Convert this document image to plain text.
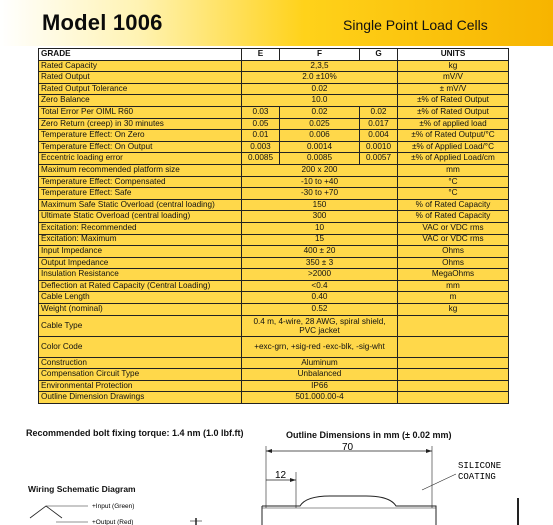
Model 1006	Single Point Load Cells
GRADE	E	F	G	UNITS
Rated Capacity	2,3,5			kg
Rated Output	2.0 ±10%			mV/V
Rated Output Tolerance	0.02			± mV/V
Zero Balance	10.0			±% of Rated Output
Total Error Per OIML R60	0.03	0.02	0.02	±% of Rated Output
Zero Return (creep) in 30 minutes	0.05	0.025	0.017	±% of applied load
Temperature Effect: On Zero	0.01	0.006	0.004	±% of Rated Output/°C
Temperature Effect: On Output	0.003	0.0014	0.0010	±% of Applied Load/°C
Eccentric loading error	0.0085	0.0085	0.0057	±% of Applied Load/cm
Maximum recommended platform size	200 x 200			mm
Temperature Effect: Compensated	-10 to +40			°C
Temperature Effect: Safe	-30 to +70			°C
Maximum Safe Static Overload (central loading)	150			% of Rated Capacity
Ultimate Static Overload (central loading)	300			% of Rated Capacity
Excitation: Recommended	10			VAC or VDC rms
Excitation: Maximum	15			VAC or VDC rms
Input Impedance	400 ± 20			Ohms
Output Impedance	350 ± 3			Ohms
Insulation Resistance	>2000			MegaOhms
Deflection at Rated Capacity (Central Loading)	<0.4			mm
Cable Length	0.40			m
Weight (nominal)	0.52			kg
Cable Type	0.4 m, 4-wire, 28 AWG, spiral shield, PVC jacket			
Color Code	+exc-grn, +sig-red -exc-blk, -sig-wht			
Construction	Aluminum			
Compensation Circuit Type	Unbalanced			
Environmental Protection	IP66			
Outline Dimension Drawings	501.000.00-4			
Recommended bolt fixing torque: 1.4 nm (1.0 lbf.ft)	Outline Dimensions in mm (± 0.02 mm)
Wiring Schematic Diagram
70
12
SILICONE
COATING
+Input (Green)
+Output (Red)
